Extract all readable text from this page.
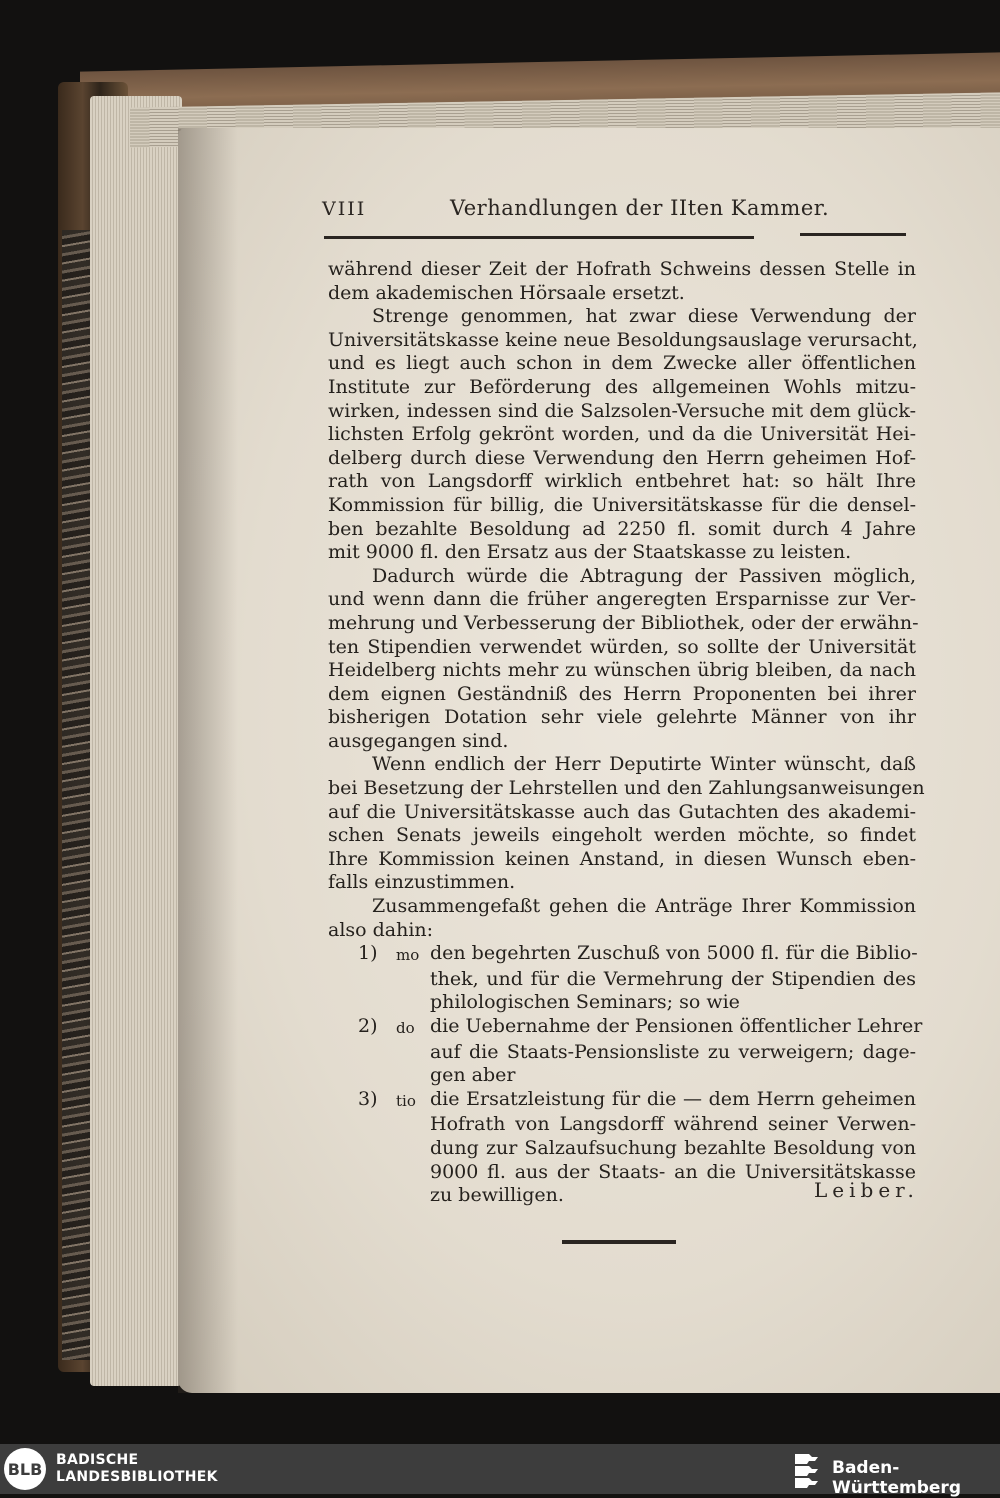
VIII	Verhandlungen der IIten Kammer.
während dieser Zeit der Hofrath Schweins dessen Stelle in
dem akademischen Hörsaale ersetzt.
Strenge genommen, hat zwar diese Verwendung der
Universitätskasse keine neue Besoldungsauslage verursacht,
und es liegt auch schon in dem Zwecke aller öffentlichen
Institute zur Beförderung des allgemeinen Wohls mitzu-
wirken, indessen sind die Salzsolen-Versuche mit dem glück-
lichsten Erfolg gekrönt worden, und da die Universität Hei-
delberg durch diese Verwendung den Herrn geheimen Hof-
rath von Langsdorff wirklich entbehret hat: so hält Ihre
Kommission für billig, die Universitätskasse für die densel-
ben bezahlte Besoldung ad 2250 fl. somit durch 4 Jahre
mit 9000 fl. den Ersatz aus der Staatskasse zu leisten.
Dadurch würde die Abtragung der Passiven möglich,
und wenn dann die früher angeregten Ersparnisse zur Ver-
mehrung und Verbesserung der Bibliothek, oder der erwähn-
ten Stipendien verwendet würden, so sollte der Universität
Heidelberg nichts mehr zu wünschen übrig bleiben, da nach
dem eignen Geständniß des Herrn Proponenten bei ihrer
bisherigen Dotation sehr viele gelehrte Männer von ihr
ausgegangen sind.
Wenn endlich der Herr Deputirte Winter wünscht, daß
bei Besetzung der Lehrstellen und den Zahlungsanweisungen
auf die Universitätskasse auch das Gutachten des akademi-
schen Senats jeweils eingeholt werden möchte, so findet
Ihre Kommission keinen Anstand, in diesen Wunsch eben-
falls einzustimmen.
Zusammengefaßt gehen die Anträge Ihrer Kommission
also dahin:
1)	mo den begehrten Zuschuß von 5000 fl. für die Biblio-
thek, und für die Vermehrung der Stipendien des
philologischen Seminars; so wie
2)	do die Uebernahme der Pensionen öffentlicher Lehrer
auf die Staats-Pensionsliste zu verweigern; dage-
gen aber
3)	tio die Ersatzleistung für die — dem Herrn geheimen
Hofrath von Langsdorff während seiner Verwen-
dung zur Salzaufsuchung bezahlte Besoldung von
9000 fl. aus der Staats- an die Universitätskasse
zu bewilligen.	Leiber.
BLB BADISCHE
LANDESBIBLIOTHEK	Baden-Württemberg
